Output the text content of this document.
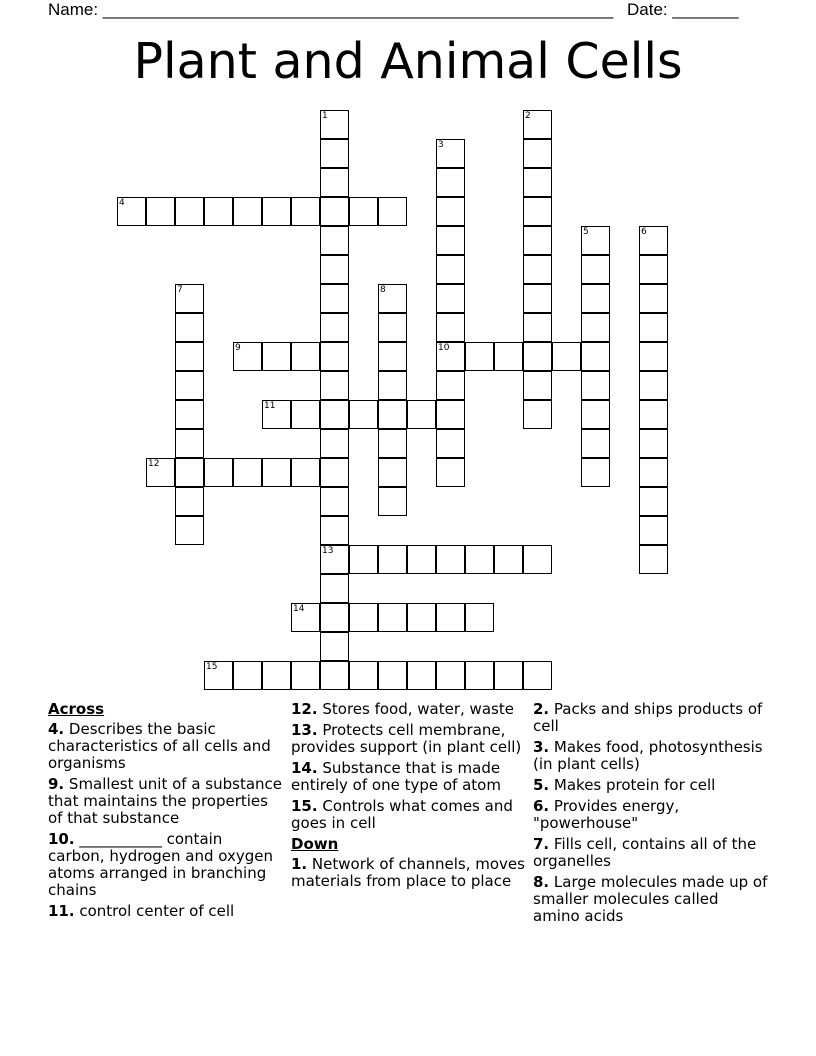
Name: ______________________________________________________ Date: _______
Plant and Animal Cells
1	2
3
4
5	6
7	8
9	10
11
12
13
14
15
Across
4. Describes the basic characteristics of all cells and organisms
9. Smallest unit of a substance that maintains the properties of that substance
10. ___________ contain carbon, hydrogen and oxygen atoms arranged in branching chains
11. control center of cell
12. Stores food, water, waste
13. Protects cell membrane, provides support (in plant cell)
14. Substance that is made entirely of one type of atom
15. Controls what comes and goes in cell
Down
1. Network of channels, moves materials from place to place
2. Packs and ships products of cell
3. Makes food, photosynthesis (in plant cells)
5. Makes protein for cell
6. Provides energy, "powerhouse"
7. Fills cell, contains all of the organelles
8. Large molecules made up of smaller molecules called amino acids
